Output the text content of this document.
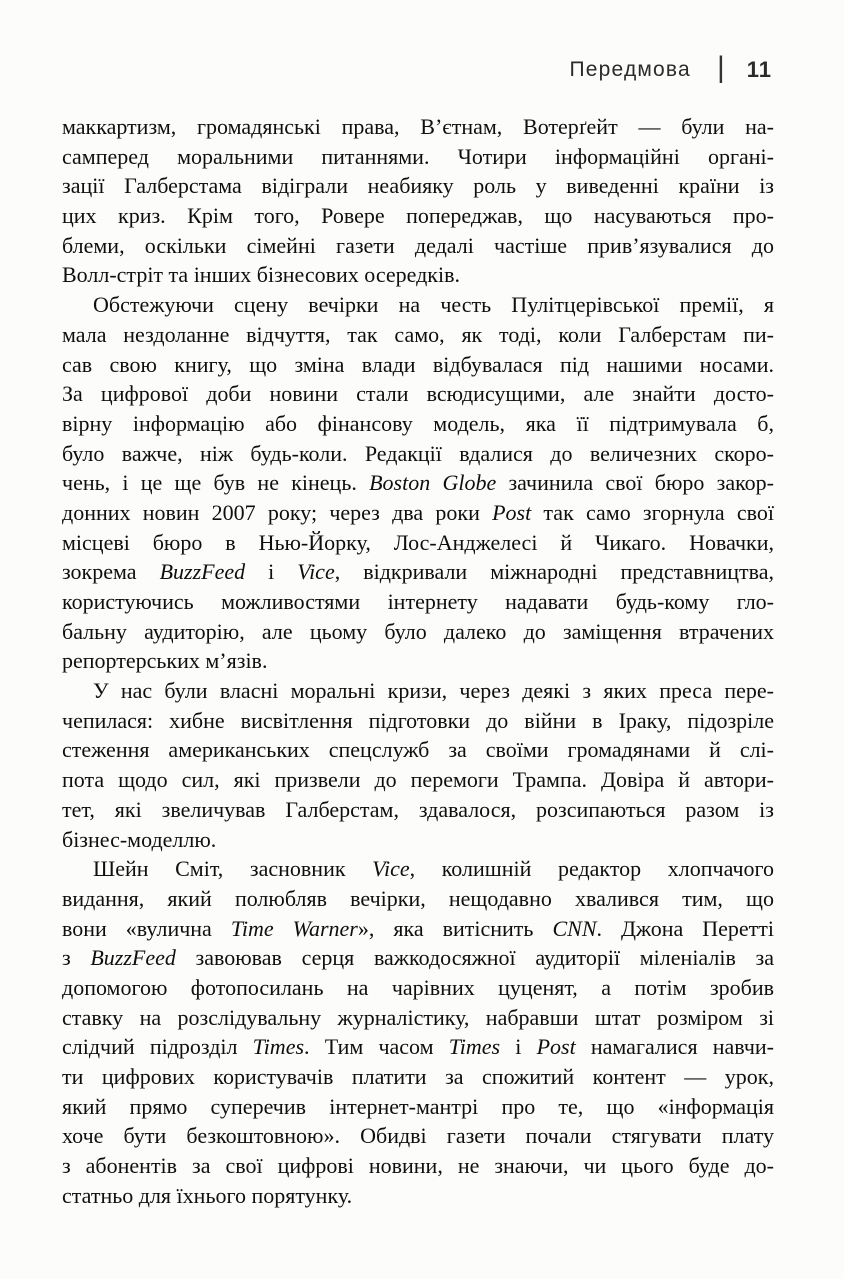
Передмова | 11
маккартизм, громадянські права, В’єтнам, Вотерґейт — були на-
самперед моральними питаннями. Чотири інформаційні органі-
зації Галберстама відіграли неабияку роль у виведенні країни із
цих криз. Крім того, Ровере попереджав, що насуваються про-
блеми, оскільки сімейні газети дедалі частіше прив’язувалися до
Волл-стріт та інших бізнесових осередків.
Обстежуючи сцену вечірки на честь Пулітцерівської премії, я
мала нездоланне відчуття, так само, як тоді, коли Галберстам пи-
сав свою книгу, що зміна влади відбувалася під нашими носами.
За цифрової доби новини стали всюдисущими, але знайти досто-
вірну інформацію або фінансову модель, яка її підтримувала б,
було важче, ніж будь-коли. Редакції вдалися до величезних скоро-
чень, і це ще був не кінець. Boston Globe зачинила свої бюро закор-
донних новин 2007 року; через два роки Post так само згорнула свої
місцеві бюро в Нью-Йорку, Лос-Анджелесі й Чикаго. Новачки,
зокрема BuzzFeed і Vice, відкривали міжнародні представництва,
користуючись можливостями інтернету надавати будь-кому гло-
бальну аудиторію, але цьому було далеко до заміщення втрачених
репортерських м’язів.
У нас були власні моральні кризи, через деякі з яких преса пере-
чепилася: хибне висвітлення підготовки до війни в Іраку, підозріле
стеження американських спецслужб за своїми громадянами й слі-
пота щодо сил, які призвели до перемоги Трампа. Довіра й автори-
тет, які звеличував Галберстам, здавалося, розсипаються разом із
бізнес-моделлю.
Шейн Сміт, засновник Vice, колишній редактор хлопчачого
видання, який полюбляв вечірки, нещодавно хвалився тим, що
вони «вулична Time Warner», яка витіснить CNN. Джона Перетті
з BuzzFeed завоював серця важкодосяжної аудиторії міленіалів за
допомогою фотопосилань на чарівних цуценят, а потім зробив
ставку на розслідувальну журналістику, набравши штат розміром зі
слідчий підрозділ Times. Тим часом Times і Post намагалися навчи-
ти цифрових користувачів платити за спожитий контент — урок,
який прямо суперечив інтернет-мантрі про те, що «інформація
хоче бути безкоштовною». Обидві газети почали стягувати плату
з абонентів за свої цифрові новини, не знаючи, чи цього буде до-
статньо для їхнього порятунку.
